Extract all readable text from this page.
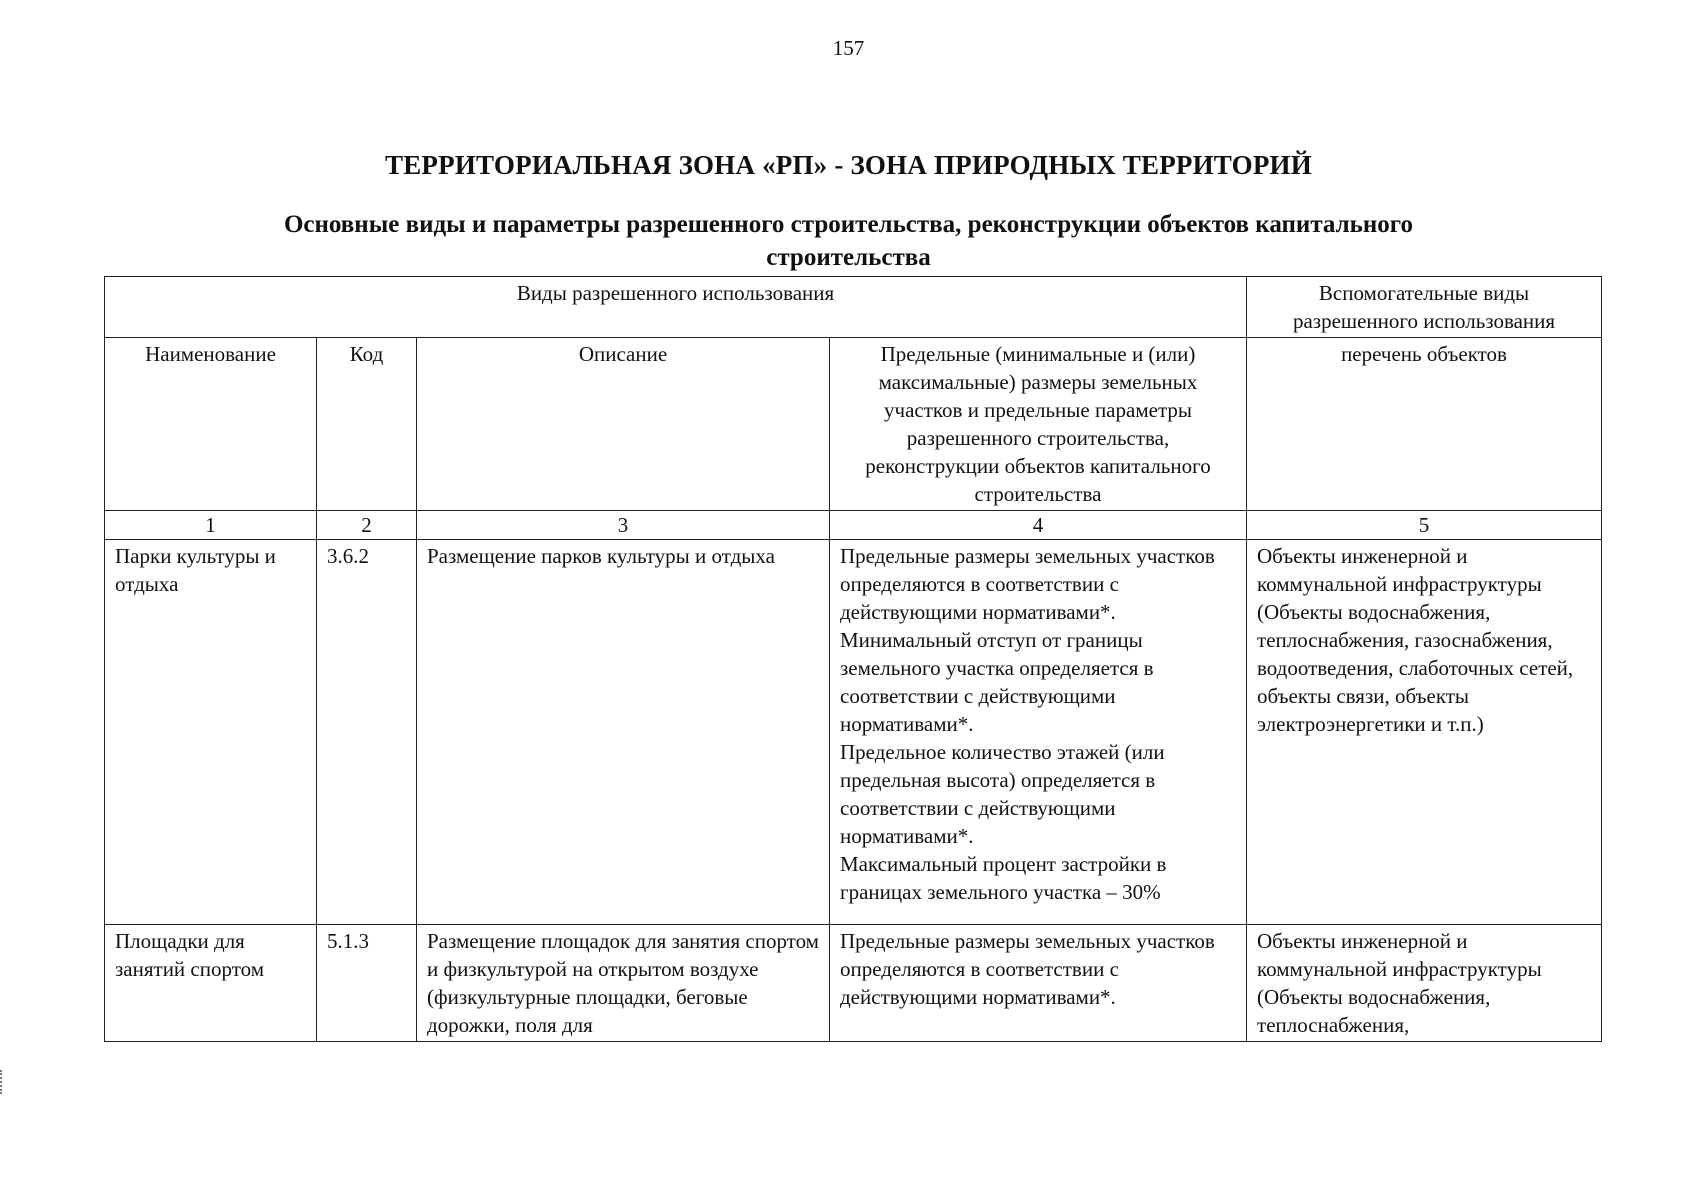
157
ТЕРРИТОРИАЛЬНАЯ ЗОНА «РП» - ЗОНА ПРИРОДНЫХ ТЕРРИТОРИЙ
Основные виды и параметры разрешенного строительства, реконструкции объектов капитального строительства
Виды разрешенного использования				Вспомогательные виды разрешенного использования
Наименование	Код	Описание	Предельные (минимальные и (или) максимальные) размеры земельных участков и предельные параметры разрешенного строительства, реконструкции объектов капитального строительства	перечень объектов
1	2	3	4	5
Парки культуры и отдыха	3.6.2	Размещение парков культуры и отдыха	Предельные размеры земельных участков определяются в соответствии с действующими нормативами*.
Минимальный отступ от границы земельного участка определяется в соответствии с действующими нормативами*.
Предельное количество этажей (или предельная высота) определяется в соответствии с действующими нормативами*.
Максимальный процент застройки в границах земельного участка – 30%	Объекты инженерной и коммунальной инфраструктуры (Объекты водоснабжения, теплоснабжения, газоснабжения, водоотведения, слаботочных сетей, объекты связи, объекты электроэнергетики и т.п.)
Площадки для занятий спортом	5.1.3	Размещение площадок для занятия спортом и физкультурой на открытом воздухе (физкультурные площадки, беговые дорожки, поля для	Предельные размеры земельных участков определяются в соответствии с действующими нормативами*.	Объекты инженерной и коммунальной инфраструктуры (Объекты водоснабжения, теплоснабжения,
